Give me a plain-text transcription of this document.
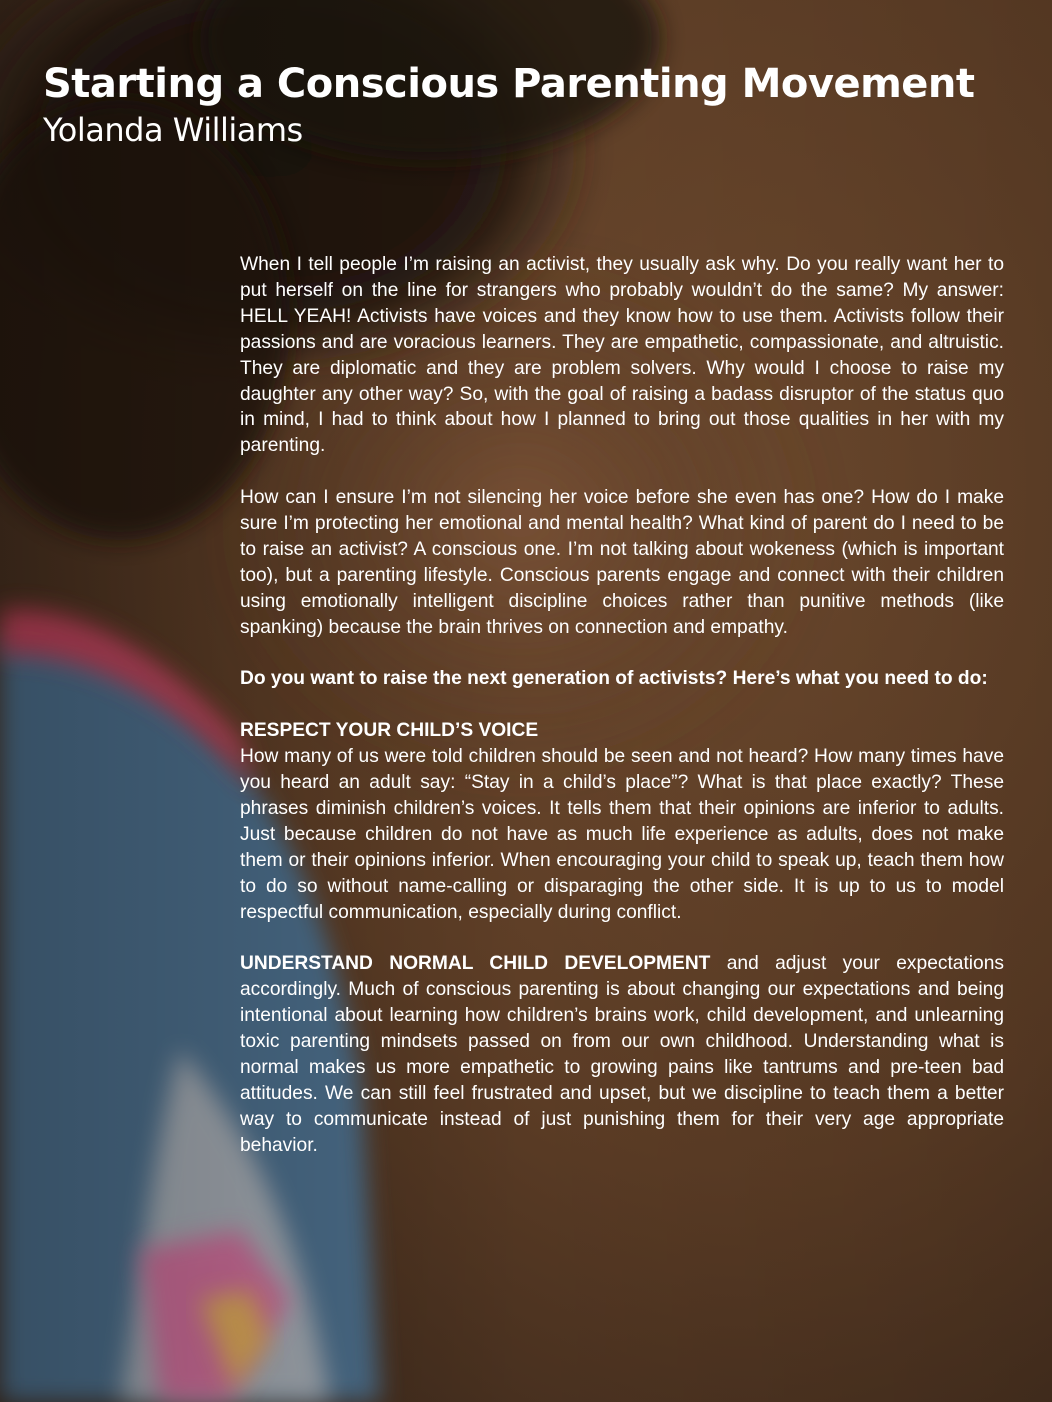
Starting a Conscious Parenting Movement
Yolanda Williams

When I tell people I’m raising an activist, they usually ask why. Do you really want her to put herself on the line for strangers who probably wouldn’t do the same? My answer: HELL YEAH! Activists have voices and they know how to use them. Activists follow their passions and are voracious learners. They are empathetic, compassionate, and altruistic. They are diplomatic and they are problem solvers. Why would I choose to raise my daughter any other way? So, with the goal of raising a badass disruptor of the status quo in mind, I had to think about how I planned to bring out those qualities in her with my parenting.

How can I ensure I’m not silencing her voice before she even has one? How do I make sure I’m protecting her emotional and mental health? What kind of parent do I need to be to raise an activist? A conscious one. I’m not talking about wokeness (which is important too), but a parenting lifestyle. Conscious parents engage and connect with their children using emotionally intelligent discipline choices rather than punitive methods (like spanking) because the brain thrives on connection and empathy.

Do you want to raise the next generation of activists? Here’s what you need to do:

RESPECT YOUR CHILD’S VOICE
How many of us were told children should be seen and not heard? How many times have you heard an adult say: “Stay in a child’s place”? What is that place exactly? These phrases diminish children’s voices. It tells them that their opinions are inferior to adults. Just because children do not have as much life experience as adults, does not make them or their opinions inferior. When encouraging your child to speak up, teach them how to do so without name-calling or disparaging the other side. It is up to us to model respectful communication, especially during conflict.

UNDERSTAND NORMAL CHILD DEVELOPMENT and adjust your expectations accordingly. Much of conscious parenting is about changing our expectations and being intentional about learning how children’s brains work, child development, and unlearning toxic parenting mindsets passed on from our own childhood. Understanding what is normal makes us more empathetic to growing pains like tantrums and pre-teen bad attitudes. We can still feel frustrated and upset, but we discipline to teach them a better way to communicate instead of just punishing them for their very age appropriate behavior.
